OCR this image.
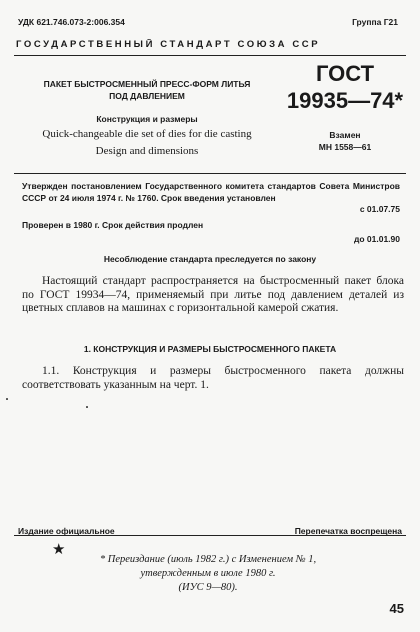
УДК 621.746.073-2:006.354	Группа Г21
ГОСУДАРСТВЕННЫЙ СТАНДАРТ СОЮЗА ССР
ПАКЕТ БЫСТРОСМЕННЫЙ ПРЕСС-ФОРМ ЛИТЬЯ
ПОД ДАВЛЕНИЕМ
Конструкция и размеры
Quick-changeable die set of dies for die casting
Design and dimensions
ГОСТ
19935—74*
Взамен
МН 1558—61
Утвержден постановлением Государственного комитета стандартов Совета Министров СССР от 24 июля 1974 г. № 1760. Срок введения установлен
с 01.07.75
Проверен в 1980 г. Срок действия продлен
до 01.01.90
Несоблюдение стандарта преследуется по закону
Настоящий стандарт распространяется на быстросменный пакет блока по ГОСТ 19934—74, применяемый при литье под давлением деталей из цветных сплавов на машинах с горизонтальной камерой сжатия.
1. КОНСТРУКЦИЯ И РАЗМЕРЫ БЫСТРОСМЕННОГО ПАКЕТА
1.1. Конструкция и размеры быстросменного пакета должны соответствовать указанным на черт. 1.
Издание официальное	Перепечатка воспрещена
★
* Переиздание (июль 1982 г.) с Изменением № 1,
утвержденным в июле 1980 г.
(ИУС 9—80).
45
